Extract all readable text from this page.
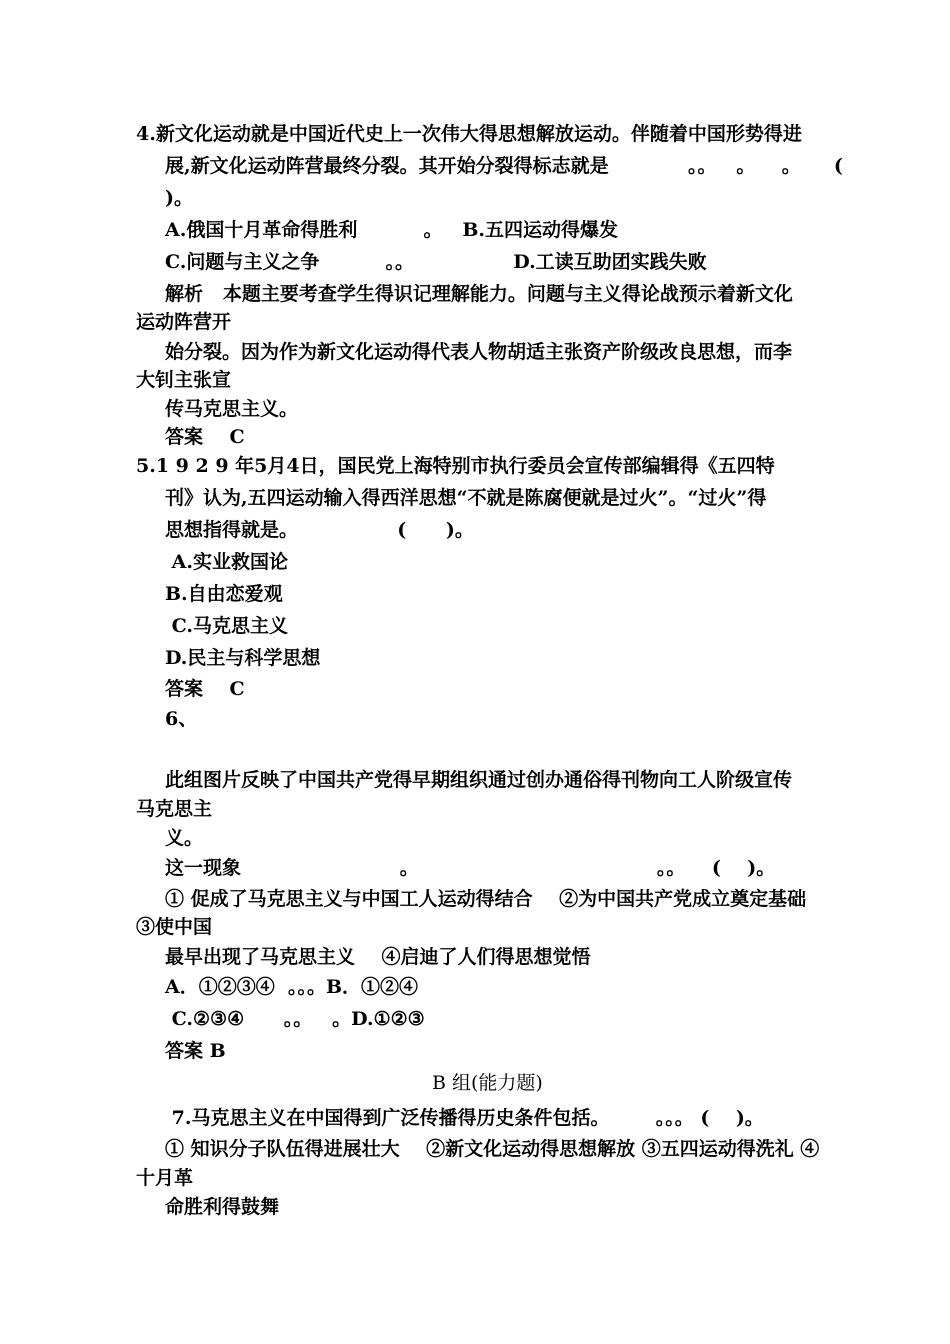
4.新文化运动就是中国近代史上一次伟大得思想解放运动。伴随着中国形势得进
展,新文化运动阵营最终分裂。其开始分裂得标志就是            。。   。    。     (
)。
A.俄国十月革命得胜利          。   B.五四运动得爆发
C.问题与主义之争          。。               D.工读互助团实践失败
解析   本题主要考查学生得识记理解能力。问题与主义得论战预示着新文化
运动阵营开
始分裂。因为作为新文化运动得代表人物胡适主张资产阶级改良思想，而李
大钊主张宣
传马克思主义。
答案    C
5.1 9 2 9 年5月4日，国民党上海特别市执行委员会宣传部编辑得《五四特
刊》认为,五四运动输入得西洋思想“不就是陈腐便就是过火”。“过火”得
思想指得就是。               (      )。
A.实业救国论
B.自由恋爱观
C.马克思主义
D.民主与科学思想
答案    C
6、
此组图片反映了中国共产党得早期组织通过创办通俗得刊物向工人阶级宣传
马克思主
义。
这一现象                        。                                    。。    (    )。
① 促成了马克思主义与中国工人运动得结合    ②为中国共产党成立奠定基础
③使中国
最早出现了马克思主义    ④启迪了人们得思想觉悟
A．①②③④  。。。B．①②④
C.②③④      。。   。D.①②③
答案 B
B 组(能力题)
7.马克思主义在中国得到广泛传播得历史条件包括。       。。。 (    )。
① 知识分子队伍得进展壮大    ②新文化运动得思想解放 ③五四运动得洗礼 ④
十月革
命胜利得鼓舞
